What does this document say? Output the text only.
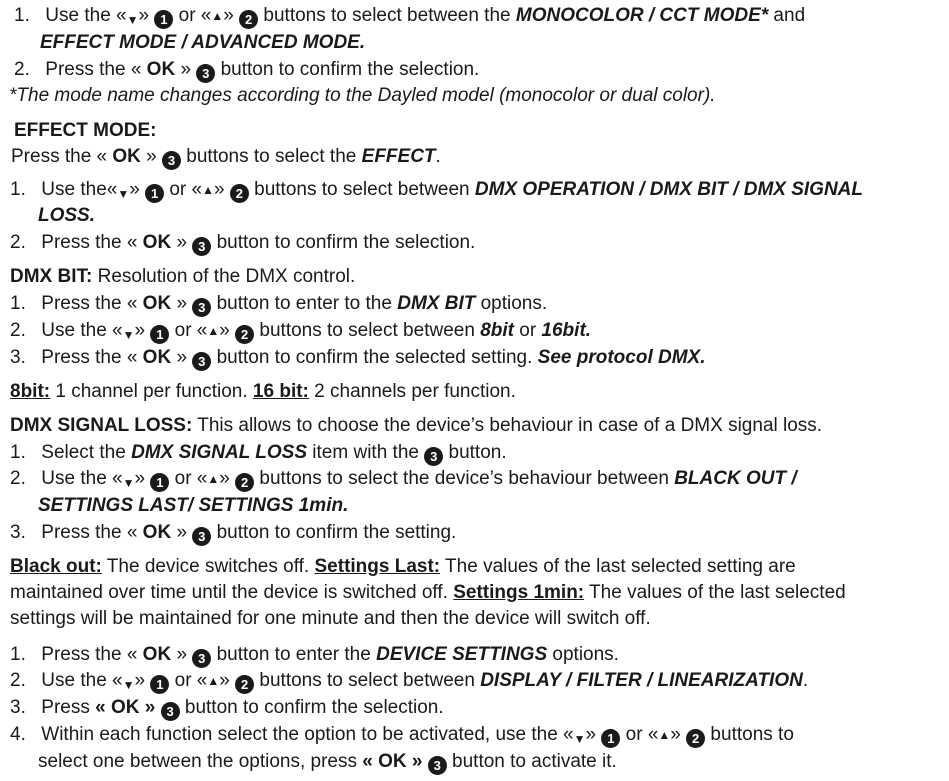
1. Use the «▼» 1 or «▲» 2 buttons to select between the MONOCOLOR / CCT MODE* and
EFFECT MODE / ADVANCED MODE.
2. Press the « OK » 3 button to confirm the selection.
*The mode name changes according to the Dayled model (monocolor or dual color).
EFFECT MODE:
Press the « OK » 3 buttons to select the EFFECT.
1. Use the«▼» 1 or «▲» 2 buttons to select between DMX OPERATION / DMX BIT / DMX SIGNAL
LOSS.
2. Press the « OK » 3 button to confirm the selection.
DMX BIT: Resolution of the DMX control.
1. Press the « OK » 3 button to enter to the DMX BIT options.
2. Use the «▼» 1 or «▲» 2 buttons to select between 8bit or 16bit.
3. Press the « OK » 3 button to confirm the selected setting. See protocol DMX.
8bit: 1 channel per function. 16 bit: 2 channels per function.
DMX SIGNAL LOSS: This allows to choose the device’s behaviour in case of a DMX signal loss.
1. Select the DMX SIGNAL LOSS item with the 3 button.
2. Use the «▼» 1 or «▲» 2 buttons to select the device’s behaviour between BLACK OUT /
SETTINGS LAST/ SETTINGS 1min.
3. Press the « OK » 3 button to confirm the setting.
Black out: The device switches off. Settings Last: The values of the last selected setting are
maintained over time until the device is switched off. Settings 1min: The values of the last selected
settings will be maintained for one minute and then the device will switch off.
1. Press the « OK » 3 button to enter the DEVICE SETTINGS options.
2. Use the «▼» 1 or «▲» 2 buttons to select between DISPLAY / FILTER / LINEARIZATION.
3. Press « OK » 3 button to confirm the selection.
4. Within each function select the option to be activated, use the «▼» 1 or «▲» 2 buttons to
select one between the options, press « OK » 3 button to activate it.
